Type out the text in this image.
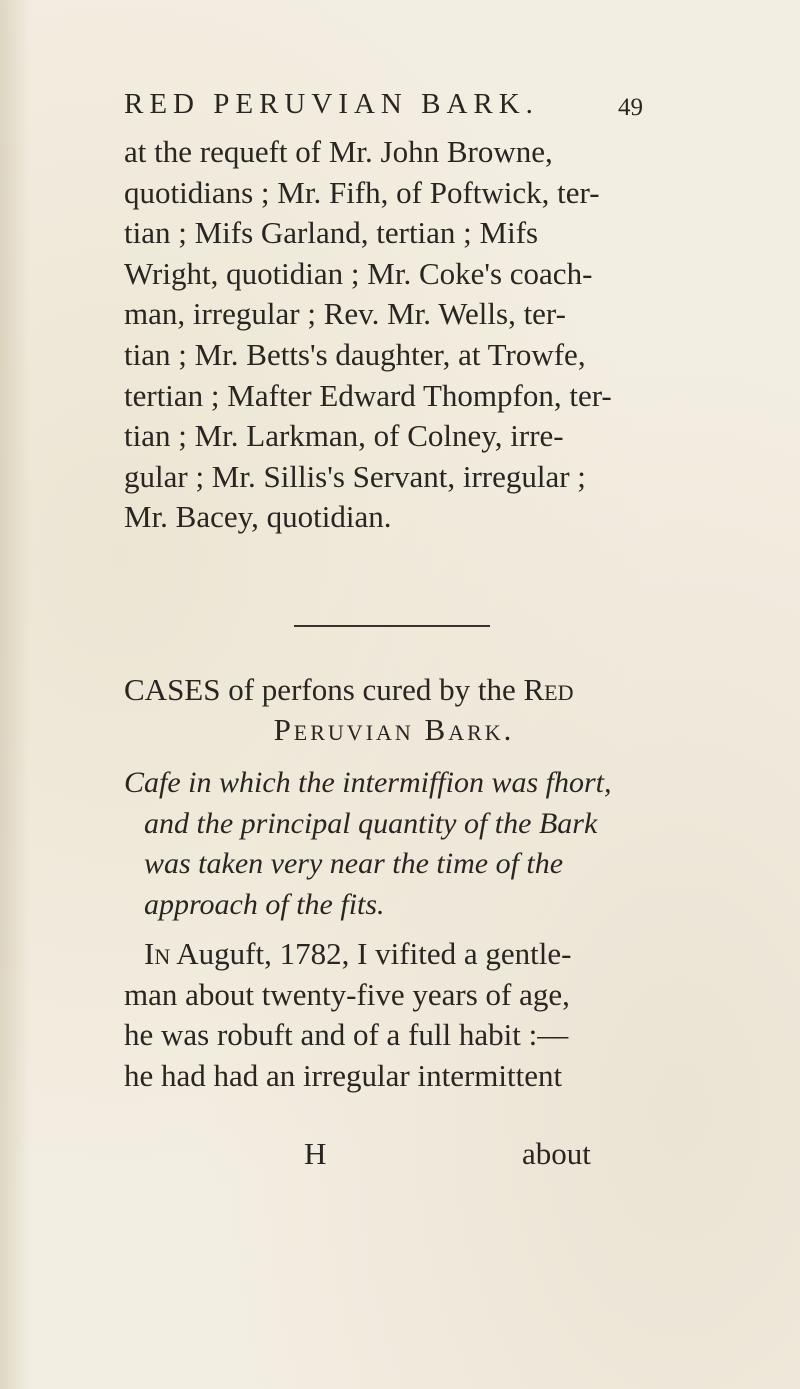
RED PERUVIAN BARK.	49
at the requeft of Mr. John Browne,
quotidians ; Mr. Fifh, of Poftwick, ter-
tian ; Mifs Garland, tertian ; Mifs
Wright, quotidian ; Mr. Coke's coach-
man, irregular ; Rev. Mr. Wells, ter-
tian ; Mr. Betts's daughter, at Trowfe,
tertian ; Mafter Edward Thompfon, ter-
tian ; Mr. Larkman, of Colney, irre-
gular ; Mr. Sillis's Servant, irregular ;
Mr. Bacey, quotidian.
CASES of perfons cured by the Red
Peruvian Bark.
Cafe in which the intermiffion was fhort,
and the principal quantity of the Bark
was taken very near the time of the
approach of the fits.
In Auguft, 1782, I vifited a gentle-
man about twenty-five years of age,
he was robuft and of a full habit :—
he had had an irregular intermittent
H	about
